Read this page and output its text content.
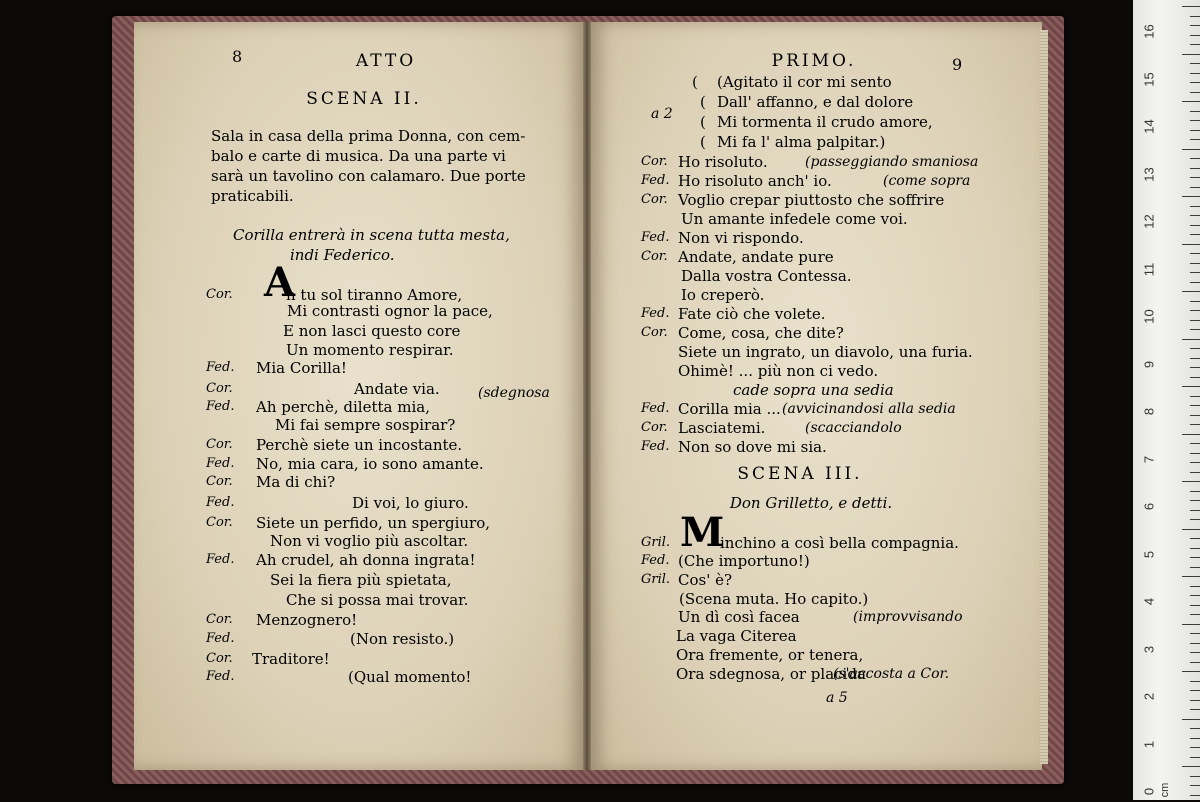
16
15
14
13
12
11
10
9
8
7
6
5
4
3
2
1
0 cm
8	ATTO
SCENA II.
Sala in casa della prima Donna, con cem-
balo e carte di musica. Da una parte vi
sarà un tavolino con calamaro. Due porte
praticabili.
Corilla entrerà in scena tutta mesta,
indi Federico.
A
Cor.	h tu sol tiranno Amore,
Mi contrasti ognor la pace,
E non lasci questo core
Un momento respirar.
Fed. Mia Corilla!
Cor.	Andate via.	(sdegnosa
Fed. Ah perchè, diletta mia,
Mi fai sempre sospirar?
Cor. Perchè siete un incostante.
Fed. No, mia cara, io sono amante.
Cor. Ma di chi?
Fed.	Di voi, lo giuro.
Cor. Siete un perfido, un spergiuro,
Non vi voglio più ascoltar.
Fed. Ah crudel, ah donna ingrata!
Sei la fiera più spietata,
Che si possa mai trovar.
Cor. Menzognero!
Fed.	(Non resisto.)
Cor. Traditore!
Fed.	(Qual momento!
PRIMO.	9
a 2
( (Agitato il cor mi sento
( Dall' affanno, e dal dolore
( Mi tormenta il crudo amore,
( Mi fa l' alma palpitar.)
Cor. Ho risoluto.	(passeggiando smaniosa
Fed. Ho risoluto anch' io.	(come sopra
Cor. Voglio crepar piuttosto che soffrire
Un amante infedele come voi.
Fed. Non vi rispondo.
Cor. Andate, andate pure
Dalla vostra Contessa.
Io creperò.
Fed. Fate ciò che volete.
Cor. Come, cosa, che dite?
Siete un ingrato, un diavolo, una furia.
Ohimè! ... più non ci vedo.
cade sopra una sedia
Fed. Corilla mia ... (avvicinandosi alla sedia
Cor. Lasciatemi.	(scacciandolo
Fed. Non so dove mi sia.
SCENA III.
Don Grilletto, e detti.
M
Gril.	inchino a così bella compagnia.
Fed. (Che importuno!)
Gril. Cos' è?
(Scena muta. Ho capito.)
Un dì così facea	(improvvisando
La vaga Citerea
Ora fremente, or tenera,
Ora sdegnosa, or placida
(s'accosta a Cor.
a 5
